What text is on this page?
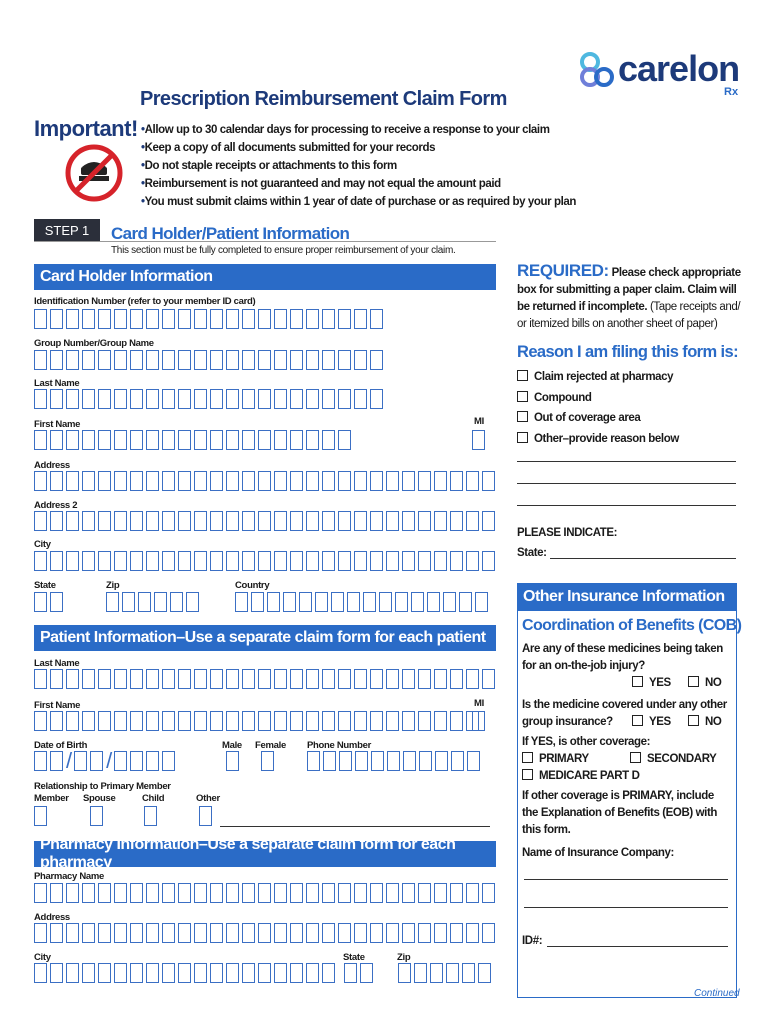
carelon
Rx
Prescription Reimbursement Claim Form
Important!
• Allow up to 30 calendar days for processing to receive a response to your claim
• Keep a copy of all documents submitted for your records
• Do not staple receipts or attachments to this form
• Reimbursement is not guaranteed and may not equal the amount paid
• You must submit claims within 1 year of date of purchase or as required by your plan
STEP 1	Card Holder/Patient Information
This section must be fully completed to ensure proper reimbursement of your claim.
Card Holder Information
Identification Number (refer to your member ID card)
Group Number/Group Name
Last Name
First Name	MI
Address
Address 2
City
State	Zip	Country
Patient Information–Use a separate claim form for each patient
Last Name
First Name	MI
Date of Birth	Male Female Phone Number
/ /
Relationship to Primary Member
Member Spouse	Child	Other
Pharmacy Information–Use a separate claim form for each pharmacy
Pharmacy Name
Address
City	State	Zip
REQUIRED: Please check appropriate box for submitting a paper claim. Claim will be returned if incomplete. (Tape receipts and/ or itemized bills on another sheet of paper)
Reason I am filing this form is:
Claim rejected at pharmacy
Compound
Out of coverage area
Other–provide reason below
PLEASE INDICATE:
State:
Other Insurance Information
Coordination of Benefits (COB)
Are any of these medicines being taken for an on-the-job injury?
YES	NO
Is the medicine covered under any other group insurance?	YES	NO
If YES, is other coverage:
PRIMARY	SECONDARY
MEDICARE PART D
If other coverage is PRIMARY, include the Explanation of Benefits (EOB) with this form.
Name of Insurance Company:
ID#:
Continued
